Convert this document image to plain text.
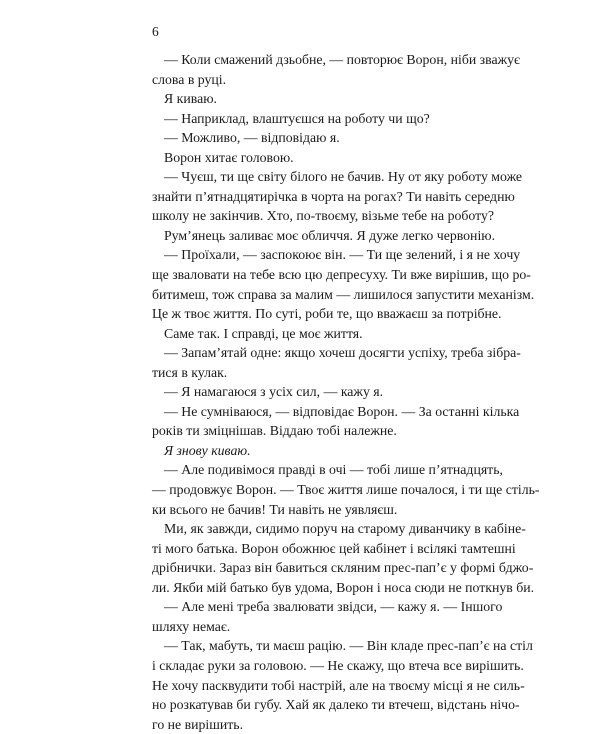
6
— Коли смажений дзьобне, — повторює Ворон, ніби зважує
слова в руці.
Я киваю.
— Наприклад, влаштуєшся на роботу чи що?
— Можливо, — відповідаю я.
Ворон хитає головою.
— Чуєш, ти ще світу білого не бачив. Ну от яку роботу може
знайти п’ятнадцятирічка в чорта на рогах? Ти навіть середню
школу не закінчив. Хто, по-твоєму, візьме тебе на роботу?
Рум’янець заливає моє обличчя. Я дуже легко червонію.
— Проїхали, — заспокоює він. — Ти ще зелений, і я не хочу
ще зваловати на тебе всю цю депресуху. Ти вже вирішив, що ро-
битимеш, тож справа за малим — лишилося запустити механізм.
Це ж твоє життя. По суті, роби те, що вважаєш за потрібне.
Саме так. І справді, це моє життя.
— Запам’ятай одне: якщо хочеш досягти успіху, треба зібра-
тися в кулак.
— Я намагаюся з усіх сил, — кажу я.
— Не сумніваюся, — відповідає Ворон. — За останні кілька
років ти зміцнішав. Віддаю тобі належне.
Я знову киваю.
— Але подивімося правді в очі — тобі лише п’ятнадцять,
— продовжує Ворон. — Твоє життя лише почалося, і ти ще стіль-
ки всього не бачив! Ти навіть не уявляєш.
Ми, як завжди, сидимо поруч на старому диванчику в кабіне-
ті мого батька. Ворон обожнює цей кабінет і всілякі тамтешні
дрібнички. Зараз він бавиться скляним прес-пап’є у формі бджо-
ли. Якби мій батько був удома, Ворон і носа сюди не поткнув би.
— Але мені треба звалювати звідси, — кажу я. — Іншого
шляху немає.
— Так, мабуть, ти маєш рацію. — Він кладе прес-пап’є на стіл
і складає руки за головою. — Не скажу, що втеча все вирішить.
Не хочу пасквудити тобі настрій, але на твоєму місці я не силь-
но розкатував би губу. Хай як далеко ти втечеш, відстань нічо-
го не вирішить.
